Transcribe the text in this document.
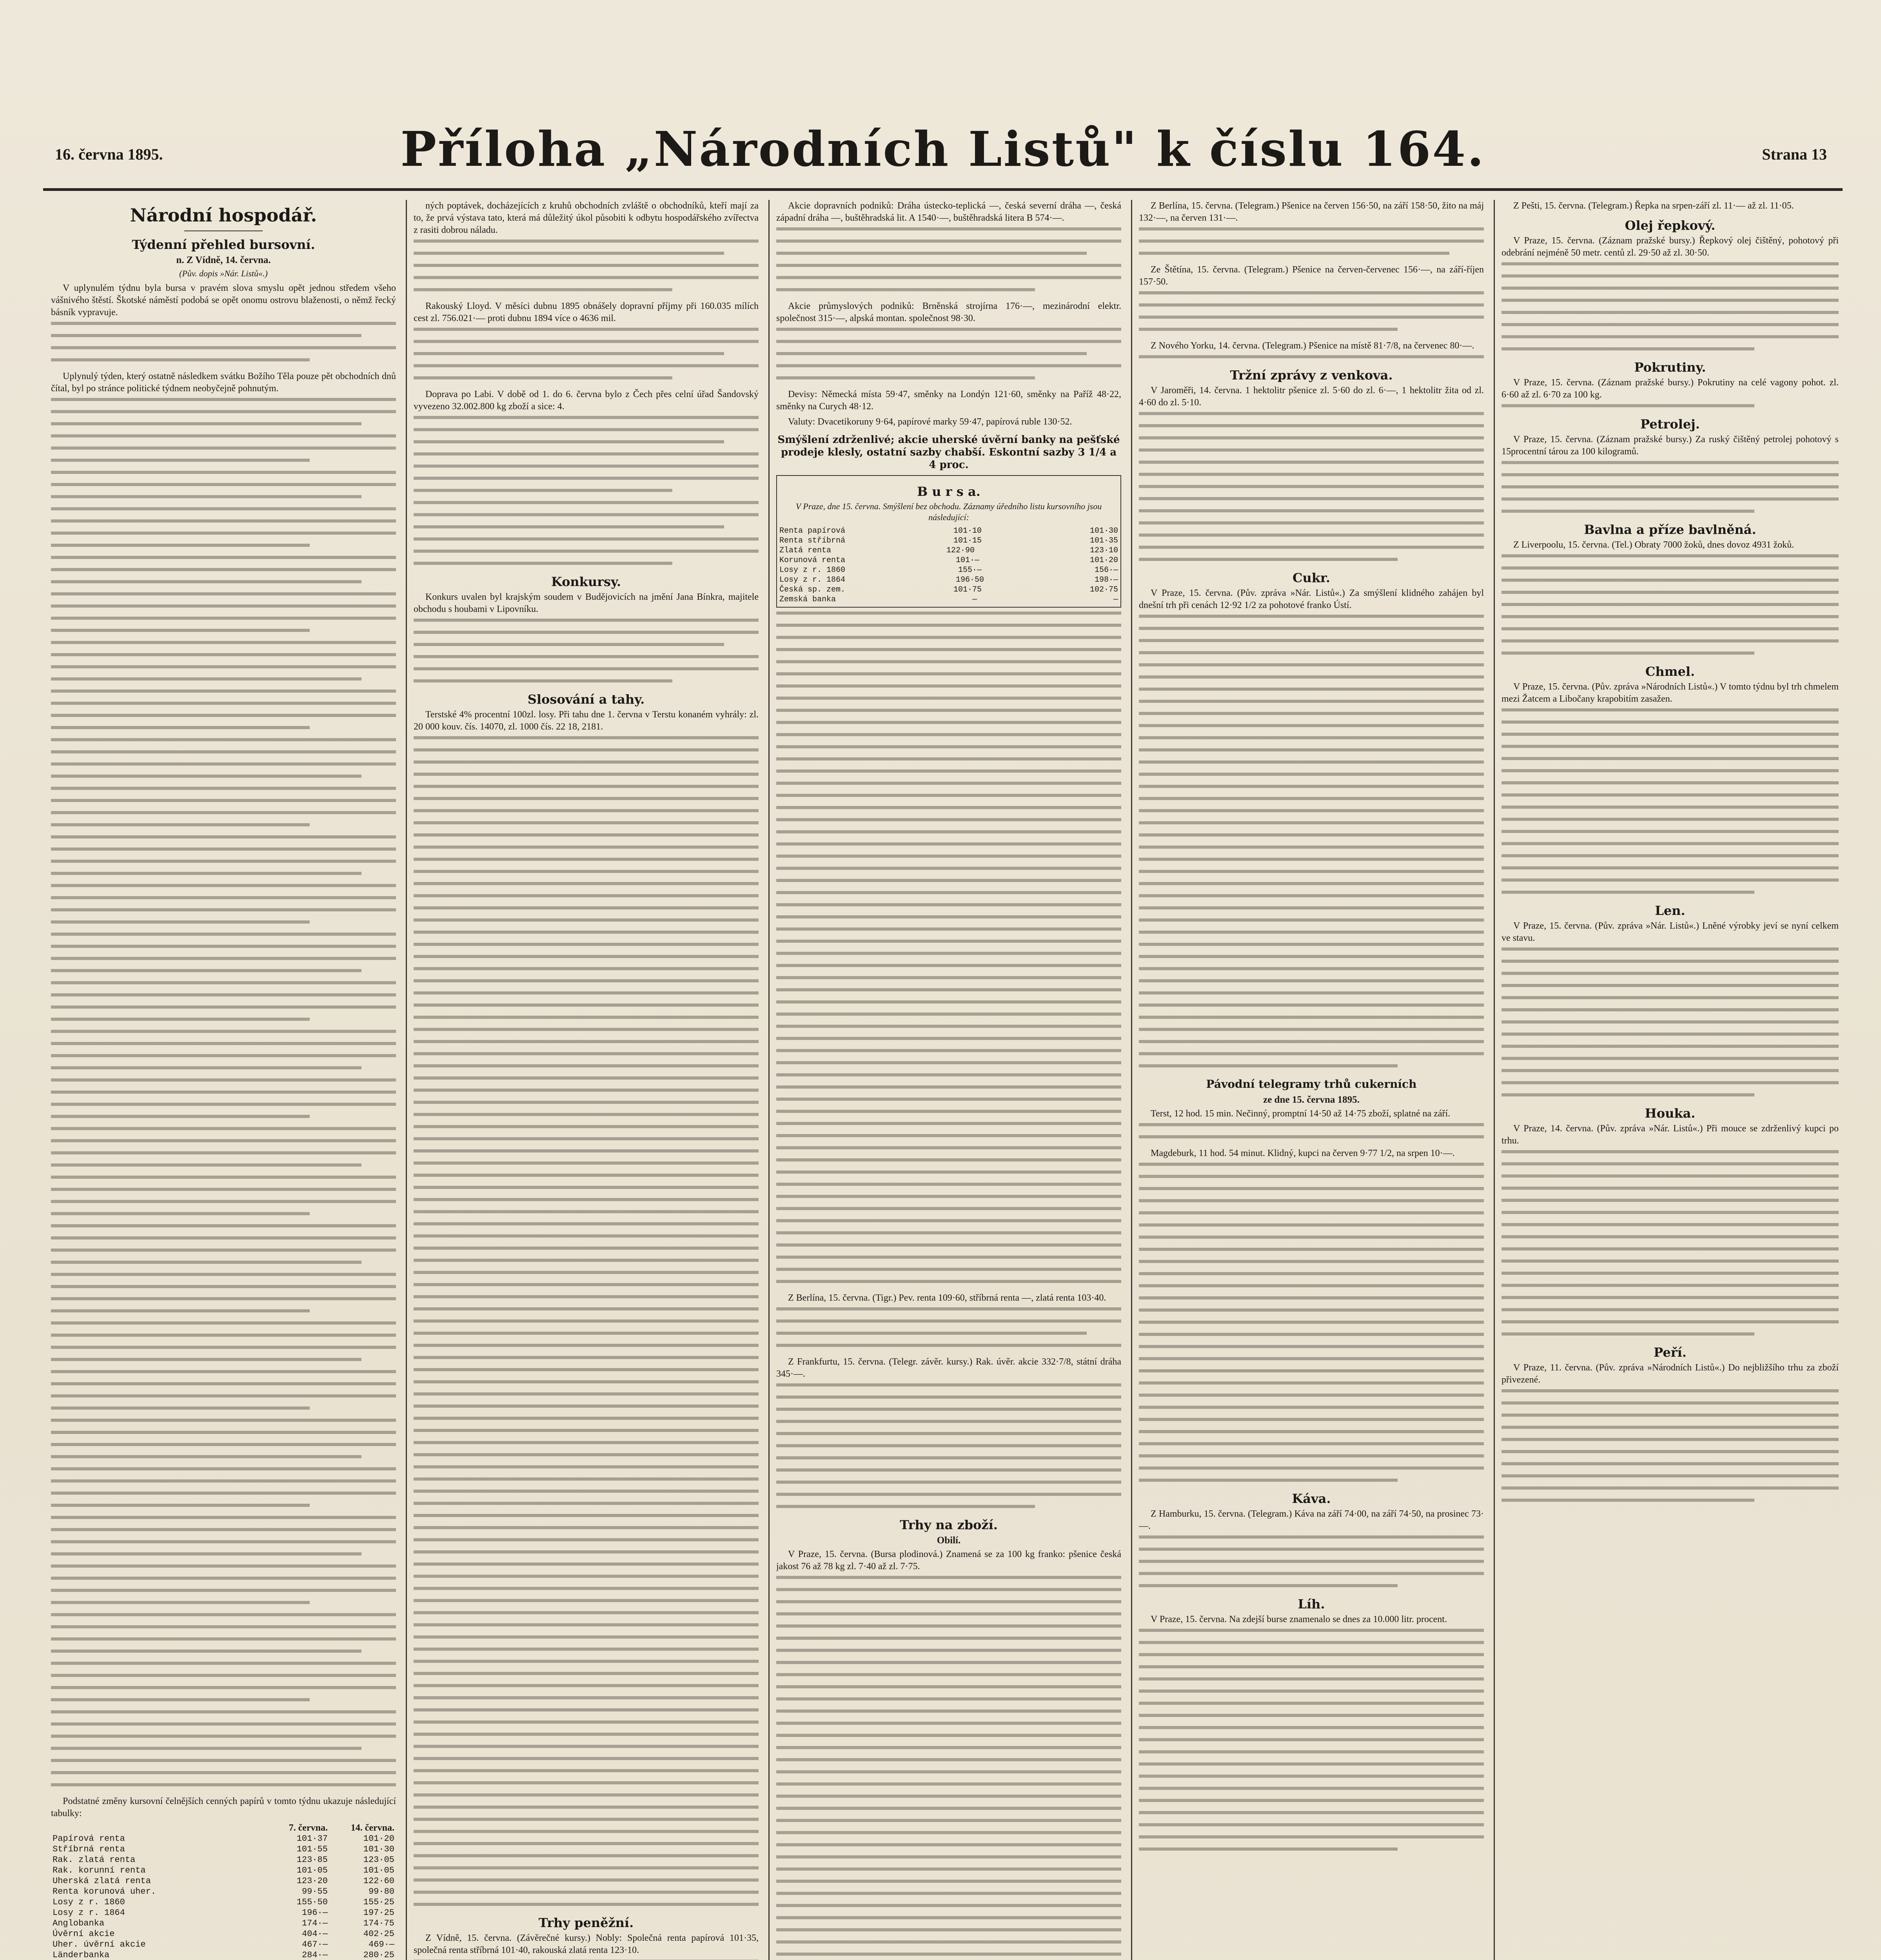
16. června 1895.	Příloha „Národních Listů" k číslu 164.	Strana 13
Národní hospodář.
Týdenní přehled bursovní.
n. Z Vídně, 14. června.
(Pův. dopis »Nár. Listů«.)

V uplynulém týdnu byla bursa v pravém slova smyslu opět jednou středem všeho vášnivého štěstí. Škotské náměstí podobá se opět onomu ostrovu blaženosti, o němž řecký básník vypravuje.

Uplynulý týden, který ostatně následkem svátku Božího Těla pouze pět obchodních dnů čítal, byl po stránce politické týdnem neobyčejně pohnutým.

Podstatné změny kursovní čelnějších cenných papírů v tomto týdnu ukazuje následující tabulky:

	7. června.	14. června.
Papírová renta	101·37	101·20
Stříbrná renta	101·55	101·30
Rak. zlatá renta	123·85	123·05
Rak. korunní renta	101·05	101·05
Uherská zlatá renta	123·20	122·60
Renta korunová uher.	99·55	99·80
Losy z r. 1860	155·50	155·25
Losy z r. 1864	196·—	197·25
Anglobanka	174·—	174·75
Úvěrní akcie	404·—	402·25
Uher. úvěrní akcie	467·—	469·—
Länderbanka	284·—	280·25

ných poptávek, docházejících z kruhů obchodních zvláště o obchodníků, kteří mají za to, že prvá výstava tato, která má důležitý úkol působiti k odbytu hospodářského zvířectva z rasiti dobrou náladu.

Rakouský Lloyd. V měsíci dubnu 1895 obnášely dopravní příjmy při 160.035 mílích cest zl. 756.021·— proti dubnu 1894 více o 4636 mil.

Doprava po Labi. V době od 1. do 6. června bylo z Čech přes celní úřad Šandovský vyvezeno 32.002.800 kg zboží a sice: 4.

Konkursy.

Konkurs uvalen byl krajským soudem v Budějovicích na jmění Jana Bínkra, majitele obchodu s houbami v Lipovníku.

Slosování a tahy.

Terstské 4% procentní 100zl. losy. Při tahu dne 1. června v Terstu konaném vyhrály: zl. 20 000 kouv. čís. 14070, zl. 1000 čís. 22 18, 2181.

Trhy peněžní.

Z Vídně, 15. června. (Závěrečné kursy.) Nobly: Společná renta papírová 101·35, společná renta stříbrná 101·40, rakouská zlatá renta 123·10.

Akcie dopravních podniků: Dráha ústecko-teplická —, česká severní dráha —, česká západní dráha —, buštěhradská lit. A 1540·—, buštěhradská litera B 574·—.

Akcie průmyslových podniků: Brněnská strojírna 176·—, mezinárodní elektr. společnost 315·—, alpská montan. společnost 98·30.

Devisy: Německá místa 59·47, směnky na Londýn 121·60, směnky na Paříž 48·22, směnky na Curych 48·12.

Valuty: Dvacetikoruny 9·64, papírové marky 59·47, papírová ruble 130·52.

Smýšlení zdrženlivé; akcie uherské úvěrní banky na pešťské prodeje klesly, ostatní sazby chabší. Eskontní sazby 3 1/4 a 4 proc.
B u r s a.
V Praze, dne 15. června. Smýšlení bez obchodu. Záznamy úředního listu kursovního jsou následující:
Renta papírová	101·10	101·30
Renta stříbrná	101·15	101·35
Zlatá renta	122·90	123·10
Korunová renta	101·—	101·20
Losy z r. 1860	155·—	156·—
Losy z r. 1864	196·50	198·—
Česká sp. zem.	101·75	102·75
Zemská banka	—	—

Z Berlína, 15. června. (Tigr.) Pev. renta 109·60, stříbrná renta —, zlatá renta 103·40.

Z Frankfurtu, 15. června. (Telegr. závěr. kursy.) Rak. úvěr. akcie 332·7/8, státní dráha 345·—.

Trhy na zboží.
Obilí.

V Praze, 15. června. (Bursa plodinová.) Znamená se za 100 kg franko: pšenice česká jakost 76 až 78 kg zl. 7·40 až zl. 7·75.

Z Berlína, 15. června. (Telegram.) Pšenice na červen 156·50, na září 158·50, žito na máj 132·—, na červen 131·—.

Ze Štětína, 15. června. (Telegram.) Pšenice na červen-červenec 156·—, na září-říjen 157·50.

Z Nového Yorku, 14. června. (Telegram.) Pšenice na místě 81·7/8, na červenec 80·—.

Tržní zprávy z venkova.

V Jaroměři, 14. června. 1 hektolitr pšenice zl. 5·60 do zl. 6·—, 1 hektolitr žita od zl. 4·60 do zl. 5·10.

Cukr.

V Praze, 15. června. (Pův. zpráva »Nár. Listů«.) Za smýšlení klidného zahájen byl dnešní trh při cenách 12·92 1/2 za pohotové franko Ústí.

Pávodní telegramy trhů cukerních
ze dne 15. června 1895.

Terst, 12 hod. 15 min. Nečinný, promptní 14·50 až 14·75 zboží, splatné na září.

Magdeburk, 11 hod. 54 minut. Klidný, kupci na červen 9·77 1/2, na srpen 10·—.

Káva.

Z Hamburku, 15. června. (Telegram.) Káva na září 74·00, na září 74·50, na prosinec 73·—.

Líh.

V Praze, 15. června. Na zdejší burse znamenalo se dnes za 10.000 litr. procent.

Z Pešti, 15. června. (Telegram.) Řepka na srpen-září zl. 11·— až zl. 11·05.

Olej řepkový.

V Praze, 15. června. (Záznam pražské bursy.) Řepkový olej čištěný, pohotový při odebrání nejméně 50 metr. centů zl. 29·50 až zl. 30·50.

Pokrutiny.

V Praze, 15. června. (Záznam pražské bursy.) Pokrutiny na celé vagony pohot. zl. 6·60 až zl. 6·70 za 100 kg.

Petrolej.

V Praze, 15. června. (Záznam pražské bursy.) Za ruský čištěný petrolej pohotový s 15procentní tárou za 100 kilogramů.

Bavlna a příze bavlněná.

Z Liverpoolu, 15. června. (Tel.) Obraty 7000 žoků, dnes dovoz 4931 žoků.

Chmel.

V Praze, 15. června. (Pův. zpráva »Národních Listů«.) V tomto týdnu byl trh chmelem mezi Žatcem a Libočany krapobitím zasažen.

Len.

V Praze, 15. června. (Pův. zpráva »Nár. Listů«.) Lněné výrobky jeví se nyní celkem ve stavu.

Houka.

V Praze, 14. června. (Pův. zpráva »Nár. Listů«.) Při mouce se zdrženlivý kupci po trhu.

Peří.

V Praze, 11. června. (Pův. zpráva »Národních Listů«.) Do nejbližšího trhu za zboží přivezené.
